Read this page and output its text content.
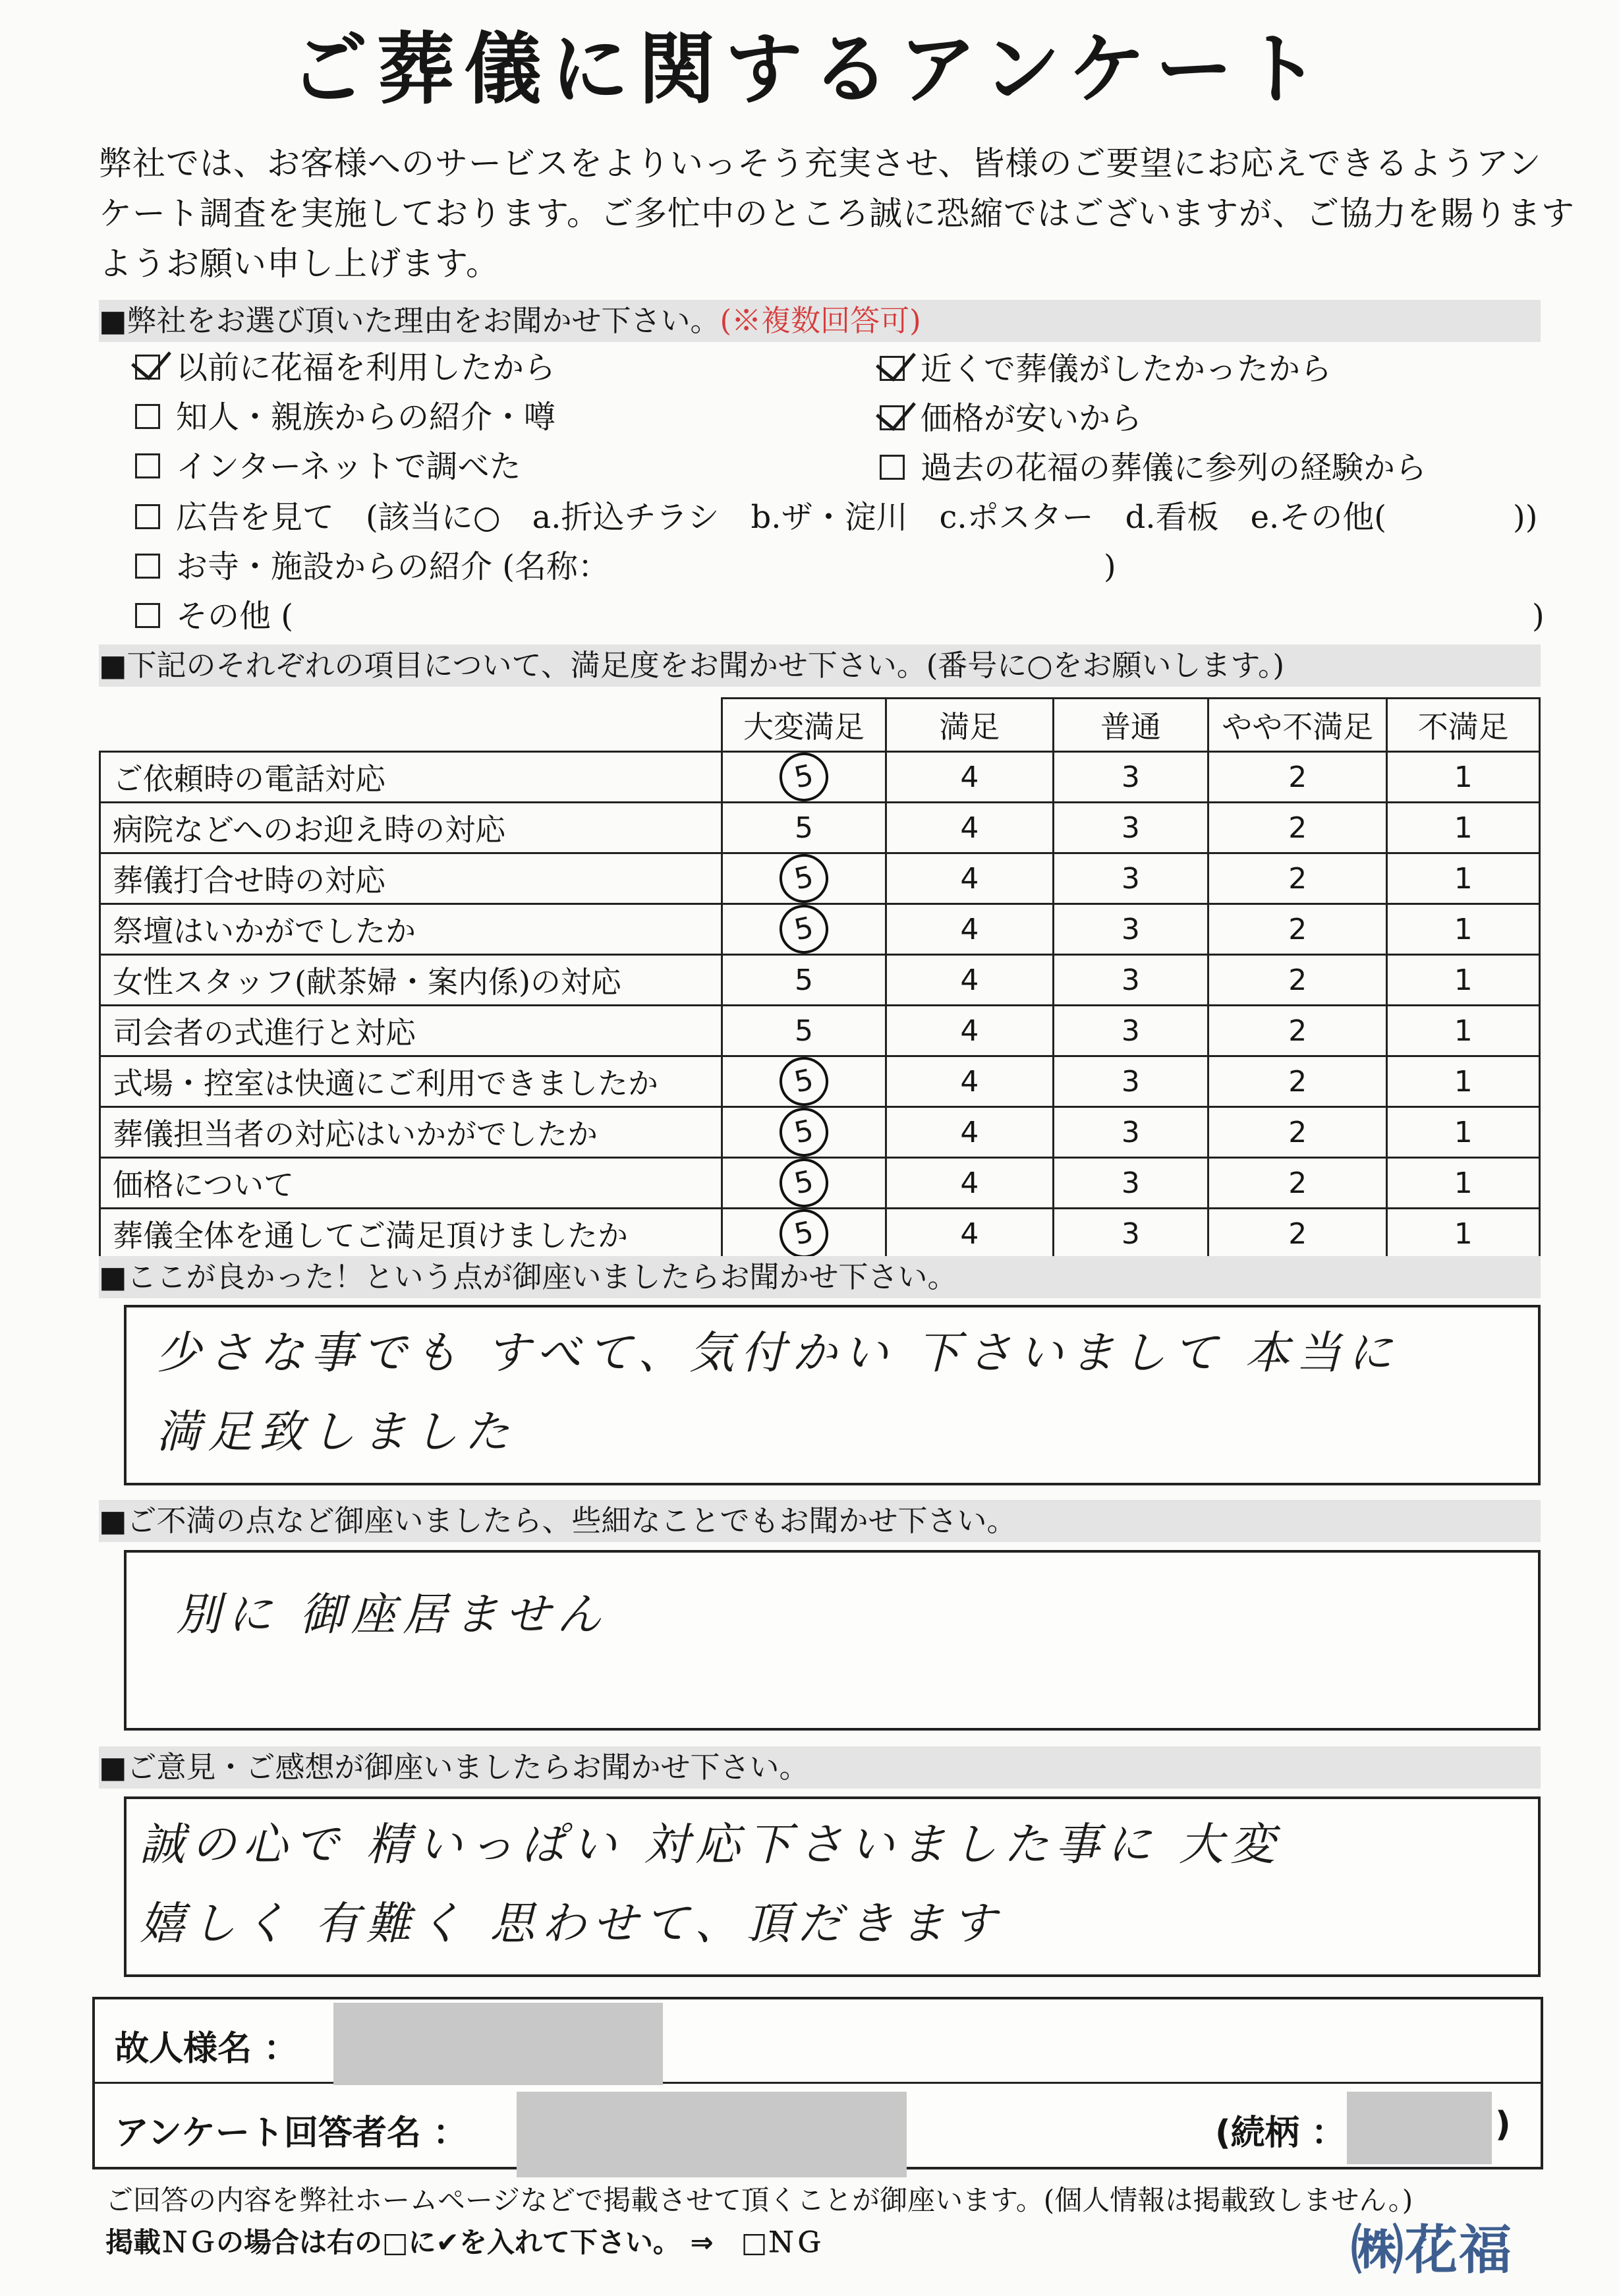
ご葬儀に関するアンケート
弊社では、お客様へのサービスをよりいっそう充実させ、皆様のご要望にお応えできるようアン
ケート調査を実施しております。ご多忙中のところ誠に恐縮ではございますが、ご協力を賜ります
ようお願い申し上げます。
■弊社をお選び頂いた理由をお聞かせ下さい。(※複数回答可)
以前に花福を利用したから
知人・親族からの紹介・噂
インターネットで調べた
近くで葬儀がしたかったから
価格が安いから
過去の花福の葬儀に参列の経験から
広告を見て　(該当に○　a.折込チラシ　b.ザ・淀川　c.ポスター　d.看板　e.その他(　　　　))
お寺・施設からの紹介 (名称：	)
その他 (	)
■下記のそれぞれの項目について、満足度をお聞かせ下さい。(番号に○をお願いします。)
	大変満足	満足	普通	やや不満足	不満足
ご依頼時の電話対応	5	4	3	2	1
病院などへのお迎え時の対応	5	4	3	2	1
葬儀打合せ時の対応	5	4	3	2	1
祭壇はいかがでしたか	5	4	3	2	1
女性スタッフ(献茶婦・案内係)の対応	5	4	3	2	1
司会者の式進行と対応	5	4	3	2	1
式場・控室は快適にご利用できましたか	5	4	3	2	1
葬儀担当者の対応はいかがでしたか	5	4	3	2	1
価格について	5	4	3	2	1
葬儀全体を通してご満足頂けましたか	5	4	3	2	1
■ここが良かった！という点が御座いましたらお聞かせ下さい。
少さな事でも すべて、気付かい 下さいまして 本当に
満足致しました
■ご不満の点など御座いましたら、些細なことでもお聞かせ下さい。
別に 御座居ません
■ご意見・ご感想が御座いましたらお聞かせ下さい。
誠の心で 精いっぱい 対応下さいました事に 大変
嬉しく 有難く 思わせて、頂だきます
故人様名 ：
アンケート回答者名 ：	(続柄 ：	)
ご回答の内容を弊社ホームページなどで掲載させて頂くことが御座います。(個人情報は掲載致しません。)
掲載ＮＧの場合は右の□に✔を入れて下さい。 ⇒　□ＮＧ	㈱花福
